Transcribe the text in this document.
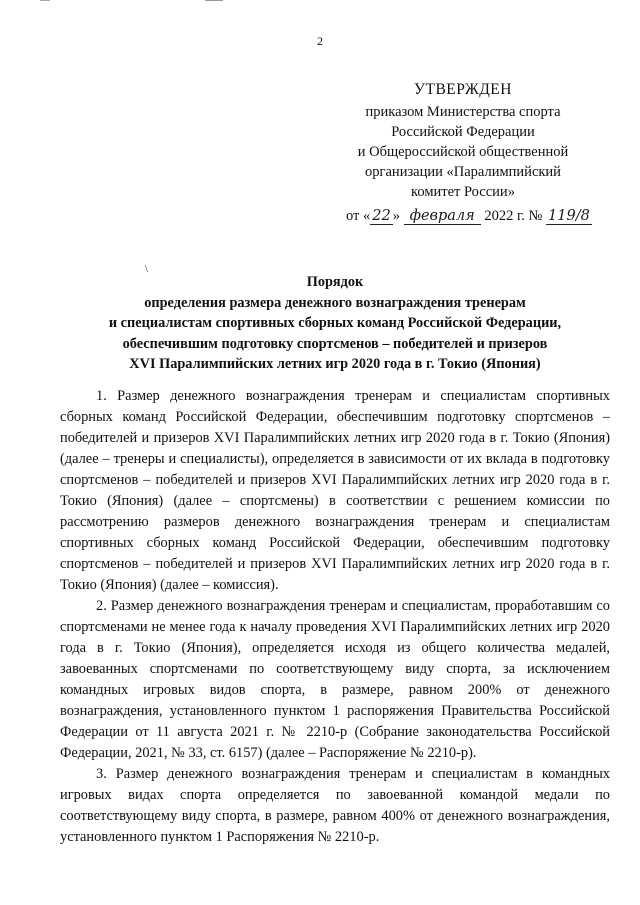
2
УТВЕРЖДЕН
приказом Министерства спорта
Российской Федерации
и Общероссийской общественной
организации «Паралимпийский
комитет России»
от « 22 » февраля 2022 г. № 119/8
\
Порядок
определения размера денежного вознаграждения тренерам
и специалистам спортивных сборных команд Российской Федерации,
обеспечившим подготовку спортсменов – победителей и призеров
XVI Паралимпийских летних игр 2020 года в г. Токио (Япония)

1. Размер денежного вознаграждения тренерам и специалистам спортивных сборных команд Российской Федерации, обеспечившим подготовку спортсменов – победителей и призеров XVI Паралимпийских летних игр 2020 года в г. Токио (Япония) (далее – тренеры и специалисты), определяется в зависимости от их вклада в подготовку спортсменов – победителей и призеров XVI Паралимпийских летних игр 2020 года в г. Токио (Япония) (далее – спортсмены) в соответствии с решением комиссии по рассмотрению размеров денежного вознаграждения тренерам и специалистам спортивных сборных команд Российской Федерации, обеспечившим подготовку спортсменов – победителей и призеров XVI Паралимпийских летних игр 2020 года в г. Токио (Япония) (далее – комиссия).

2. Размер денежного вознаграждения тренерам и специалистам, проработавшим со спортсменами не менее года к началу проведения XVI Паралимпийских летних игр 2020 года в г. Токио (Япония), определяется исходя из общего количества медалей, завоеванных спортсменами по соответствующему виду спорта, за исключением командных игровых видов спорта, в размере, равном 200% от денежного вознаграждения, установленного пунктом 1 распоряжения Правительства Российской Федерации от 11 августа 2021 г. № 2210-р (Собрание законодательства Российской Федерации, 2021, № 33, ст. 6157) (далее – Распоряжение № 2210-р).

3. Размер денежного вознаграждения тренерам и специалистам в командных игровых видах спорта определяется по завоеванной командой медали по соответствующему виду спорта, в размере, равном 400% от денежного вознаграждения, установленного пунктом 1 Распоряжения № 2210-р.
